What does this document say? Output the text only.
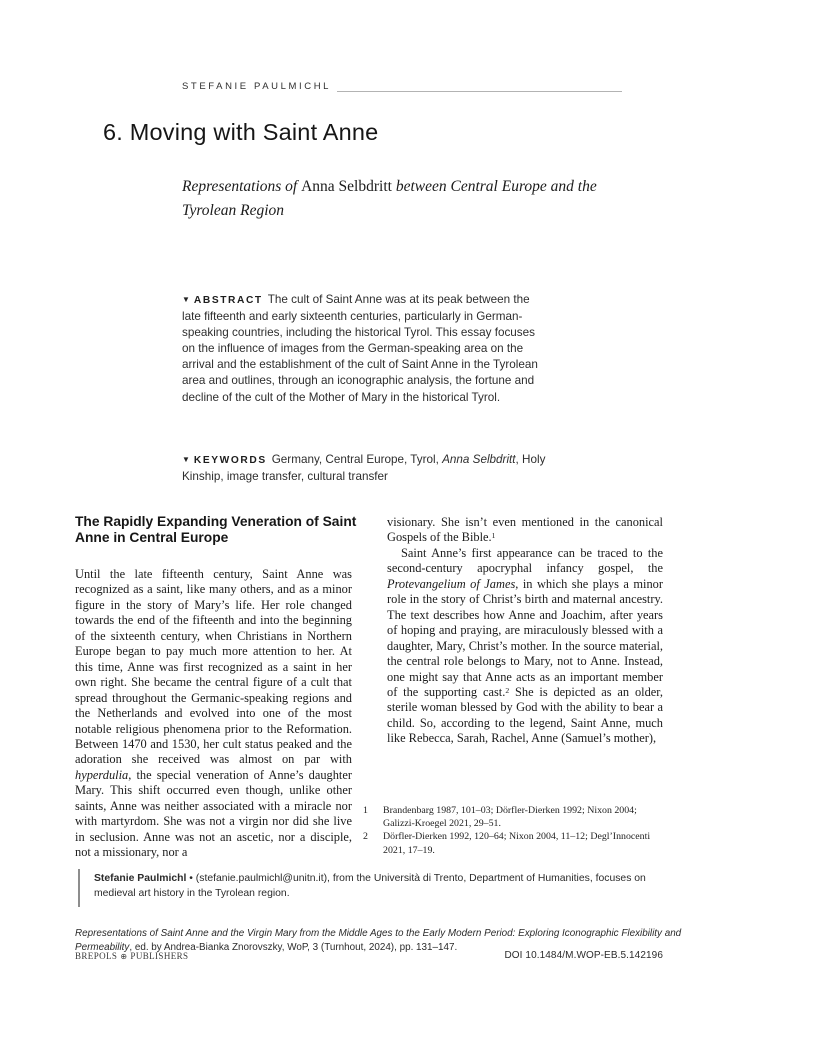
STEFANIE PAULMICHL
6. Moving with Saint Anne
Representations of Anna Selbdritt between Central Europe and the Tyrolean Region
▼ ABSTRACT The cult of Saint Anne was at its peak between the late fifteenth and early sixteenth centuries, particularly in German-speaking countries, including the historical Tyrol. This essay focuses on the influence of images from the German-speaking area on the arrival and the establishment of the cult of Saint Anne in the Tyrolean area and outlines, through an iconographic analysis, the fortune and decline of the cult of the Mother of Mary in the historical Tyrol.
▼ KEYWORDS Germany, Central Europe, Tyrol, Anna Selbdritt, Holy Kinship, image transfer, cultural transfer
The Rapidly Expanding Veneration of Saint Anne in Central Europe

Until the late fifteenth century, Saint Anne was recognized as a saint, like many others, and as a minor figure in the story of Mary’s life. Her role changed towards the end of the fifteenth and into the beginning of the sixteenth century, when Christians in Northern Europe began to pay much more attention to her. At this time, Anne was first recognized as a saint in her own right. She became the central figure of a cult that spread throughout the Germanic-speaking regions and the Netherlands and evolved into one of the most notable religious phenomena prior to the Reformation. Between 1470 and 1530, her cult status peaked and the adoration she received was almost on par with hyperdulia, the special veneration of Anne’s daughter Mary. This shift occurred even though, unlike other saints, Anne was neither associated with a miracle nor with martyrdom. She was not a virgin nor did she live in seclusion. Anne was not an ascetic, nor a disciple, not a missionary, nor a

visionary. She isn’t even mentioned in the canonical Gospels of the Bible.$^1$

Saint Anne’s first appearance can be traced to the second-century apocryphal infancy gospel, the Protevangelium of James, in which she plays a minor role in the story of Christ’s birth and maternal ancestry. The text describes how Anne and Joachim, after years of hoping and praying, are miraculously blessed with a daughter, Mary, Christ’s mother. In the source material, the central role belongs to Mary, not to Anne. Instead, one might say that Anne acts as an important member of the supporting cast.$^2$ She is depicted as an older, sterile woman blessed by God with the ability to bear a child. So, according to the legend, Saint Anne, much like Rebecca, Sarah, Rachel, Anne (Samuel’s mother),

1	Brandenbarg 1987, 101–03; Dörfler-Dierken 1992; Nixon 2004; Galizzi-Kroegel 2021, 29–51.
2	Dörfler-Dierken 1992, 120–64; Nixon 2004, 11–12; Degl’Innocenti 2021, 17–19.
Stefanie Paulmichl • (stefanie.paulmichl@unitn.it), from the Università di Trento, Department of Humanities, focuses on medieval art history in the Tyrolean region.
Representations of Saint Anne and the Virgin Mary from the Middle Ages to the Early Modern Period: Exploring Iconographic Flexibility and Permeability, ed. by Andrea-Bianka Znorovszky, WoP, 3 (Turnhout, 2024), pp. 131–147.
BREPOLS ⊕ PUBLISHERS	DOI 10.1484/M.WOP-EB.5.142196
